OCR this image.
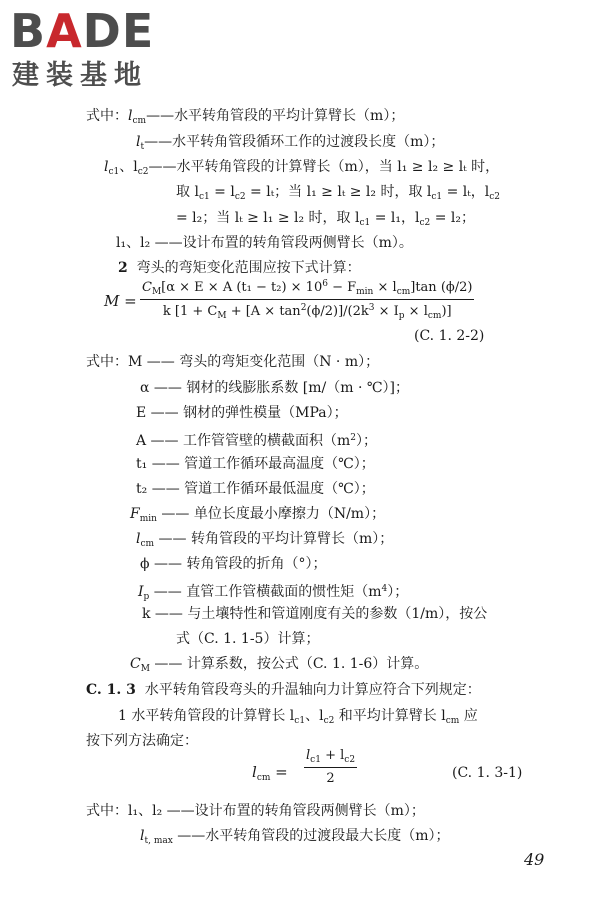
BADE
建装基地
式中：$l_{cm}——$水平转角管段的平均计算臂长（m）；
$l_t——$水平转角管段循环工作的过渡段长度（m）；
$l_{c1}$、$l_{c2}——$水平转角管段的计算臂长（m），当 l₁ ≥ l₂ ≥ lₜ 时，
取 $l_{c1} = l_{c2} = l_t$；当 l₁ ≥ lₜ ≥ l₂ 时，取 $l_{c1} = l_t$，$l_{c2}$
= l₂；当 lₜ ≥ l₁ ≥ l₂ 时，取 $l_{c1} = l_1$，$l_{c2} = l_2$；
l₁、l₂ ——设计布置的转角管段两侧臂长（m）。
2 弯头的弯矩变化范围应按下式计算：
M =
$C_M[\alpha \times E \times A$ $(t_1 - t_2) \times 10^6 - F_{min} \times l_{cm}]\tan$ (ϕ/2)
k $[1 + C_M + [A \times \tan^2(\phi/2)]/(2k^3 \times I_p \times l_{cm})]$
(C. 1. 2-2)
式中：M —— 弯头的弯矩变化范围（N · m）；
α —— 钢材的线膨胀系数 [m/（m · ℃）]；
E —— 钢材的弹性模量（MPa）；
A —— 工作管管壁的横截面积$(m^2)$；
t₁ —— 管道工作循环最高温度（℃）；
t₂ —— 管道工作循环最低温度（℃）；
$F_{min}$ —— 单位长度最小摩擦力（N/m）；
$l_{cm}$ —— 转角管段的平均计算臂长（m）；
ϕ —— 转角管段的折角（°）；
$I_p$ —— 直管工作管横截面的惯性矩$(m^4)$；
k —— 与土壤特性和管道刚度有关的参数（1/m），按公
式（C. 1. 1-5）计算；
$C_M$ —— 计算系数，按公式（C. 1. 1-6）计算。
C. 1. 3 水平转角管段弯头的升温轴向力计算应符合下列规定：
1 水平转角管段的计算臂长 $l_{c1}$、$l_{c2}$ 和平均计算臂长 $l_{cm}$ 应
按下列方法确定：
$l_{cm} = \frac{l_{c1} + l_{c2}}{2}$	(C. 1. 3-1)
式中：l₁、l₂ ——设计布置的转角管段两侧臂长（m）；
$l_{t, max}$ ——水平转角管段的过渡段最大长度（m）；
49
